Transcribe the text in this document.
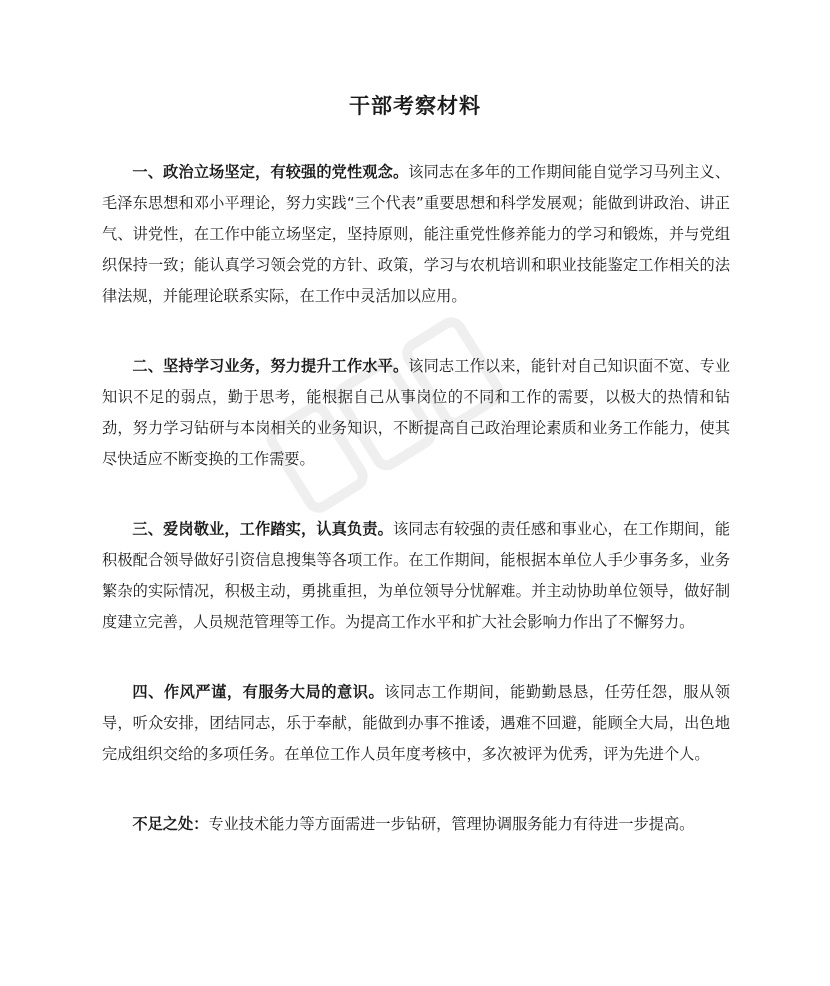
干部考察材料

一、政治立场坚定，有较强的党性观念。该同志在多年的工作期间能自觉学习马列主义、毛泽东思想和邓小平理论，努力实践“三个代表”重要思想和科学发展观；能做到讲政治、讲正气、讲党性，在工作中能立场坚定，坚持原则，能注重党性修养能力的学习和锻炼，并与党组织保持一致；能认真学习领会党的方针、政策，学习与农机培训和职业技能鉴定工作相关的法律法规，并能理论联系实际，在工作中灵活加以应用。

二、坚持学习业务，努力提升工作水平。该同志工作以来，能针对自己知识面不宽、专业知识不足的弱点，勤于思考，能根据自己从事岗位的不同和工作的需要，以极大的热情和钻劲，努力学习钻研与本岗相关的业务知识，不断提高自己政治理论素质和业务工作能力，使其尽快适应不断变换的工作需要。

三、爱岗敬业，工作踏实，认真负责。该同志有较强的责任感和事业心，在工作期间，能积极配合领导做好引资信息搜集等各项工作。在工作期间，能根据本单位人手少事务多，业务繁杂的实际情况，积极主动，勇挑重担，为单位领导分忧解难。并主动协助单位领导，做好制度建立完善，人员规范管理等工作。为提高工作水平和扩大社会影响力作出了不懈努力。

四、作风严谨，有服务大局的意识。该同志工作期间，能勤勤恳恳，任劳任怨，服从领导，听众安排，团结同志，乐于奉献，能做到办事不推诿，遇难不回避，能顾全大局，出色地完成组织交给的多项任务。在单位工作人员年度考核中，多次被评为优秀，评为先进个人。

不足之处：专业技术能力等方面需进一步钻研，管理协调服务能力有待进一步提高。
